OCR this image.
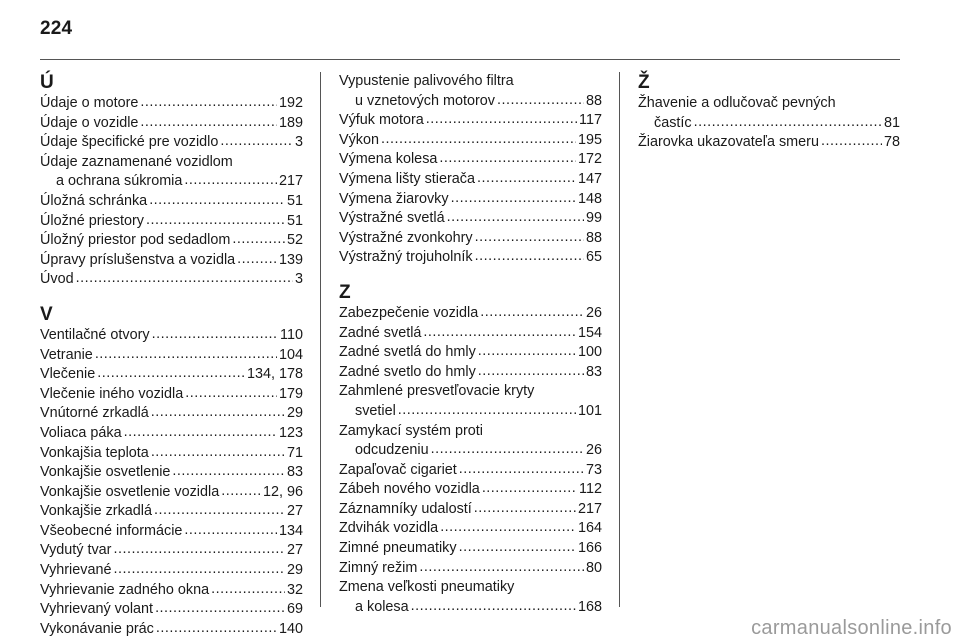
224
Ú
Údaje o motore .....	192
Údaje o vozidle .....	189
Údaje špecifické pre vozidlo .....	3
Údaje zaznamenané vozidlom
a ochrana súkromia .....	217
Úložná schránka .....	51
Úložné priestory .....	51
Úložný priestor pod sedadlom .....	52
Úpravy príslušenstva a vozidla .....	139
Úvod .....	3
V
Ventilačné otvory .....	110
Vetranie .....	104
Vlečenie .....	134, 178
Vlečenie iného vozidla .....	179
Vnútorné zrkadlá .....	29
Voliaca páka .....	123
Vonkajšia teplota .....	71
Vonkajšie osvetlenie .....	83
Vonkajšie osvetlenie vozidla .....	12, 96
Vonkajšie zrkadlá .....	27
Všeobecné informácie .....	134
Vydutý tvar .....	27
Vyhrievané .....	29
Vyhrievanie zadného okna .....	32
Vyhrievaný volant .....	69
Vykonávanie prác .....	140
Vypustenie palivového filtra
u vznetových motorov .....	88
Výfuk motora .....	117
Výkon .....	195
Výmena kolesa .....	172
Výmena lišty stierača .....	147
Výmena žiarovky .....	148
Výstražné svetlá .....	99
Výstražné zvonkohry .....	88
Výstražný trojuholník .....	65
Z
Zabezpečenie vozidla .....	26
Zadné svetlá .....	154
Zadné svetlá do hmly .....	100
Zadné svetlo do hmly .....	83
Zahmlené presvetľovacie kryty
svetiel .....	101
Zamykací systém proti
odcudzeniu .....	26
Zapaľovač cigariet .....	73
Zábeh nového vozidla .....	112
Záznamníky udalostí .....	217
Zdvihák vozidla .....	164
Zimné pneumatiky .....	166
Zimný režim .....	80
Zmena veľkosti pneumatiky
a kolesa .....	168
Ž
Žhavenie a odlučovač pevných
častíc .....	81
Žiarovka ukazovateľa smeru .....	78
carmanualsonline.info
